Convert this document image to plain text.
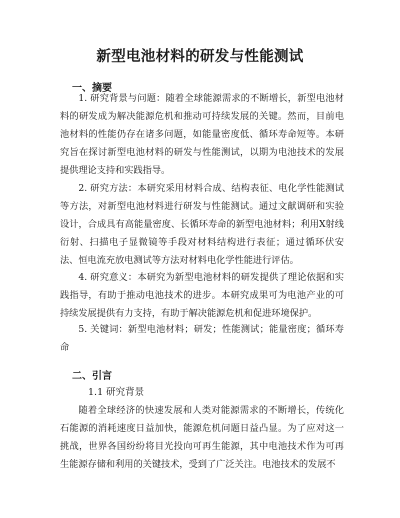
新型电池材料的研发与性能测试
一、摘要

1. 研究背景与问题：随着全球能源需求的不断增长，新型电池材料的研发成为解决能源危机和推动可持续发展的关键。然而，目前电池材料的性能仍存在诸多问题，如能量密度低、循环寿命短等。本研究旨在探讨新型电池材料的研发与性能测试，以期为电池技术的发展提供理论支持和实践指导。

2. 研究方法：本研究采用材料合成、结构表征、电化学性能测试等方法，对新型电池材料进行研发与性能测试。通过文献调研和实验设计，合成具有高能量密度、长循环寿命的新型电池材料；利用X射线衍射、扫描电子显微镜等手段对材料结构进行表征；通过循环伏安法、恒电流充放电测试等方法对材料电化学性能进行评估。

4. 研究意义：本研究为新型电池材料的研发提供了理论依据和实践指导，有助于推动电池技术的进步。本研究成果可为电池产业的可持续发展提供有力支持，有助于解决能源危机和促进环境保护。

5. 关键词：新型电池材料；研发；性能测试；能量密度；循环寿命

二、引言
1.1 研究背景

随着全球经济的快速发展和人类对能源需求的不断增长，传统化石能源的消耗速度日益加快，能源危机问题日益凸显。为了应对这一挑战，世界各国纷纷将目光投向可再生能源，其中电池技术作为可再生能源存储和利用的关键技术，受到了广泛关注。电池技术的发展不
